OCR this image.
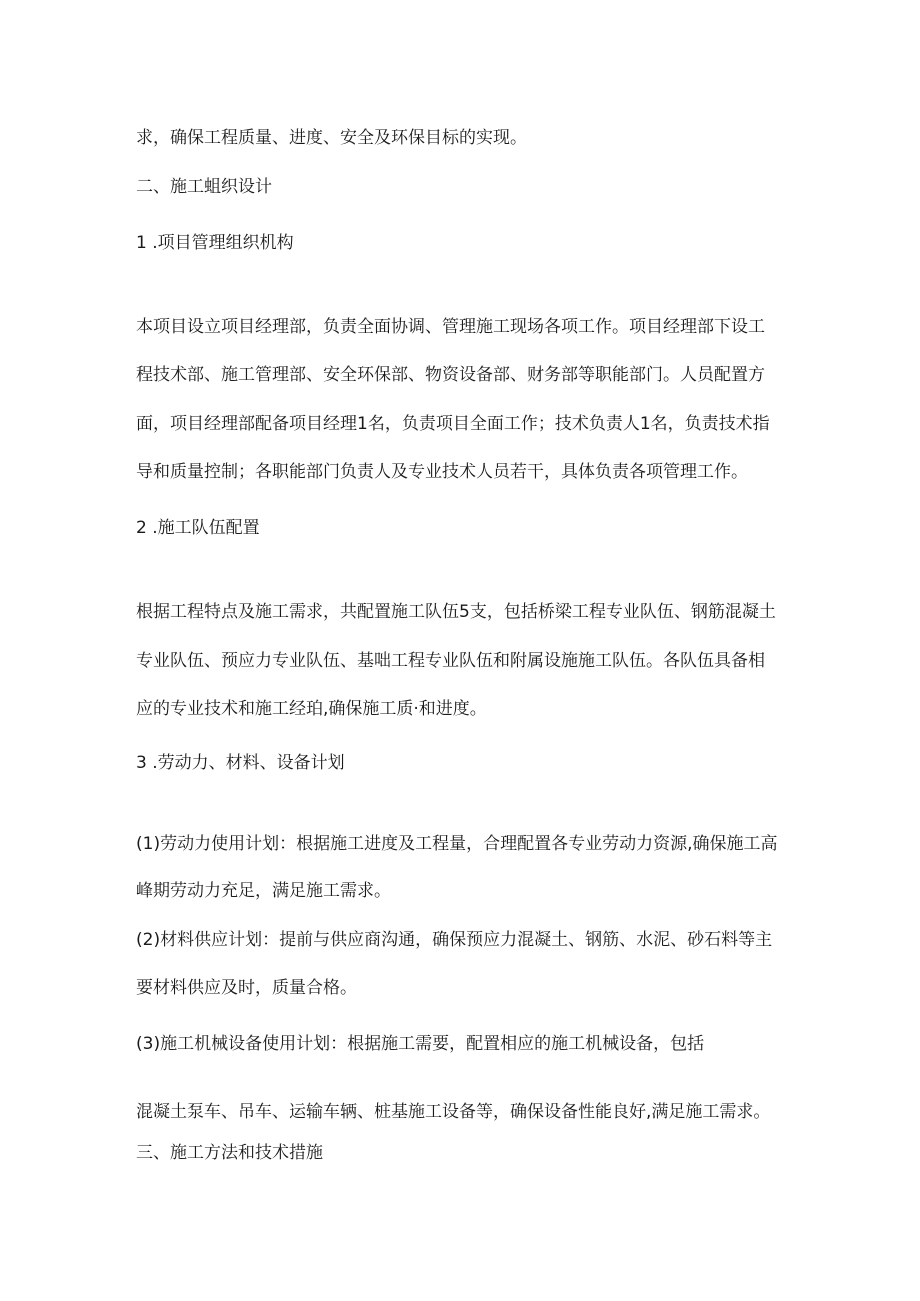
求，确保工程质量、进度、安全及环保目标的实现。
二、施工蛆织设计
1 .项目管理组织机构
本项目设立项目经理部，负责全面协调、管理施工现场各项工作。项目经理部下设工
程技术部、施工管理部、安全环保部、物资设备部、财务部等职能部门。人员配置方
面，项目经理部配备项目经理1名，负责项目全面工作；技术负责人1名，负责技术指
导和质量控制；各职能部门负责人及专业技术人员若干，具体负责各项管理工作。
2 .施工队伍配置
根据工程特点及施工需求，共配置施工队伍5支，包括桥梁工程专业队伍、钢筋混凝土
专业队伍、预应力专业队伍、基咄工程专业队伍和附属设施施工队伍。各队伍具备相
应的专业技术和施工经珀,确保施工质·和进度。
3 .劳动力、材料、设备计划
(1)劳动力使用计划：根据施工进度及工程量，合理配置各专业劳动力资源,确保施工高
峰期劳动力充足，满足施工需求。
(2)材料供应计划：提前与供应商沟通，确保预应力混凝土、钢筋、水泥、砂石料等主
要材料供应及时，质量合格。
(3)施工机械设备使用计划：根据施工需要，配置相应的施工机械设备，包括
混凝土泵车、吊车、运输车辆、桩基施工设备等，确保设备性能良好,满足施工需求。
三、施工方法和技术措施
